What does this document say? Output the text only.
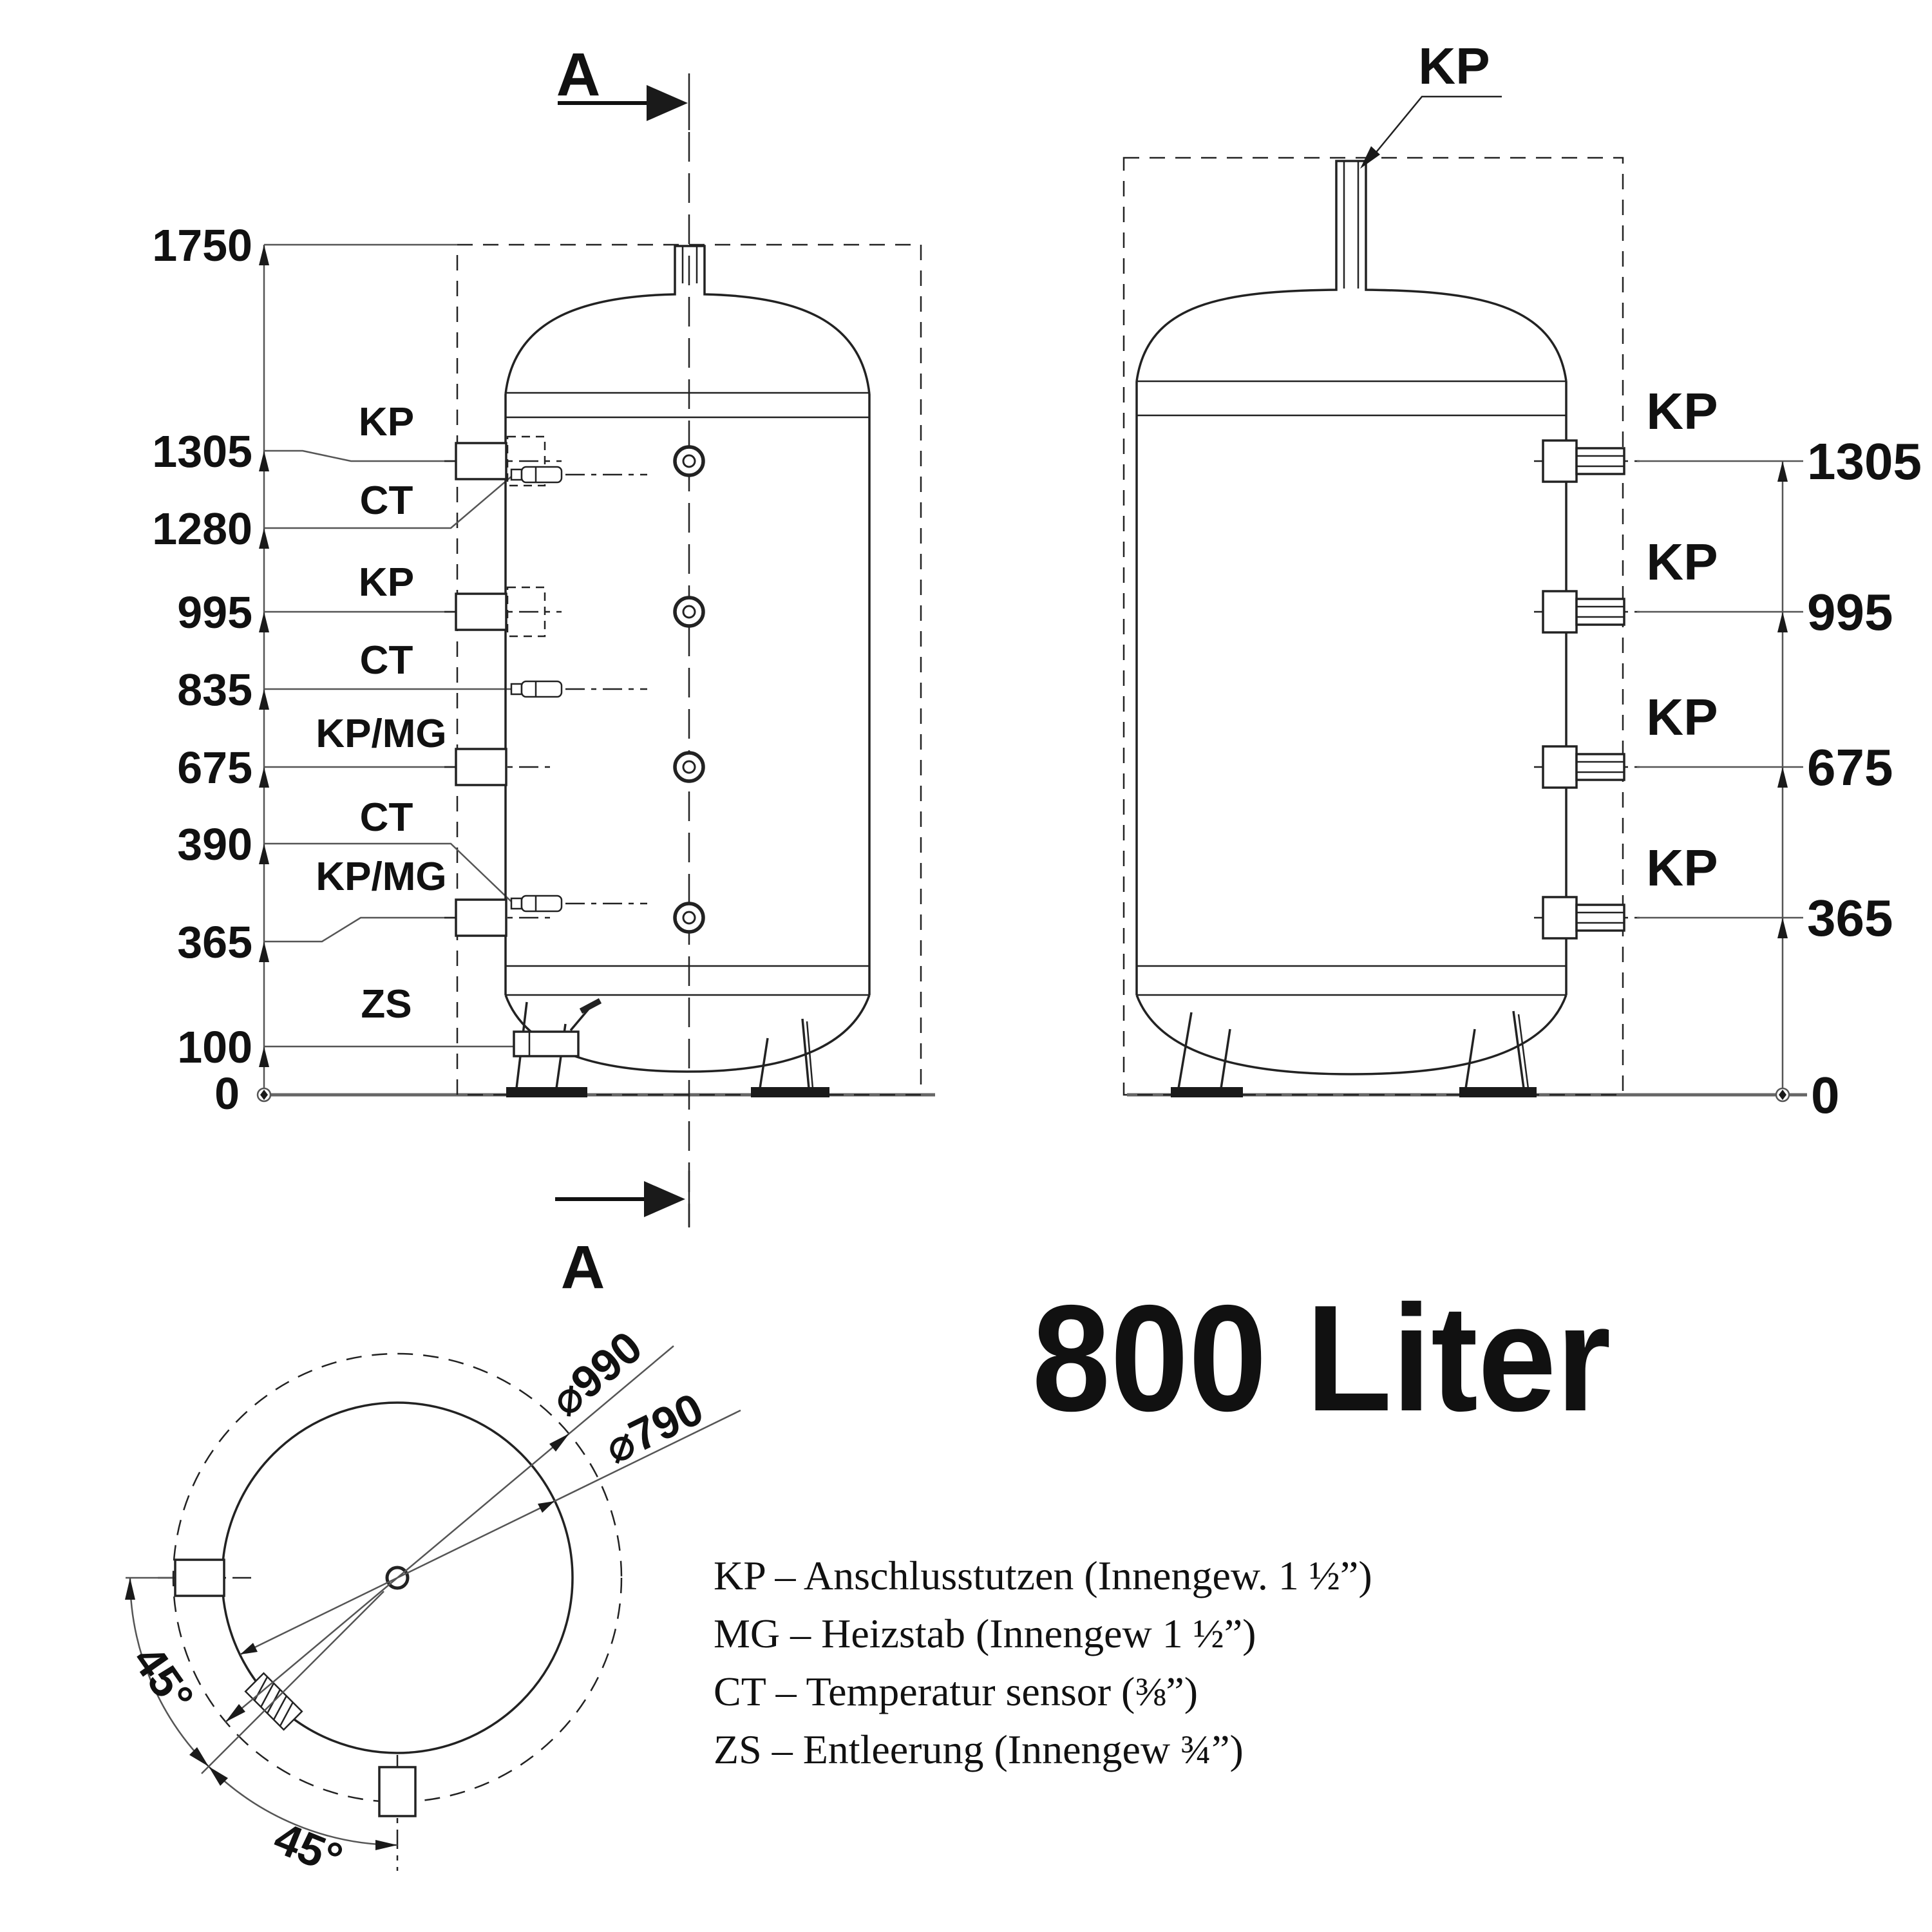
1750
1305
1280
995
835
675
390
365
100
0
KP
CT
KP
CT
KP/MG
CT
KP/MG
ZS
A
A
KP
KP
KP
KP
KP
1305
995
675
365
0
45°
45°
⌀990
⌀790 800 Liter
KP – Anschlusstutzen (Innengew. 1 ½”)
MG – Heizstab (Innengew 1 ½”)
CT – Temperatur sensor (⅜”)
ZS – Entleerung (Innengew ¾”)
